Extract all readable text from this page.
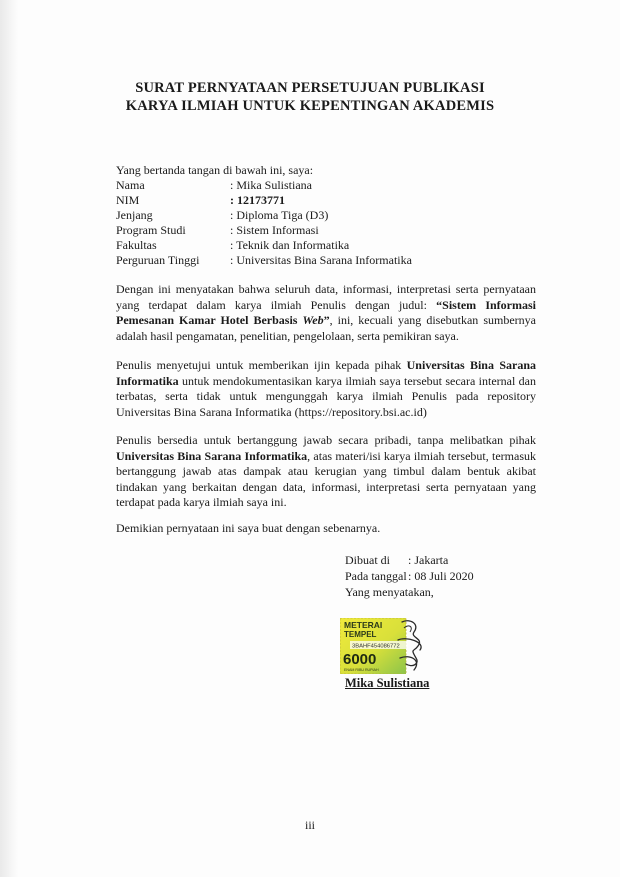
SURAT PERNYATAAN PERSETUJUAN PUBLIKASI
KARYA ILMIAH UNTUK KEPENTINGAN AKADEMIS
Yang bertanda tangan di bawah ini, saya:
Nama	: Mika Sulistiana
NIM	: 12173771
Jenjang	: Diploma Tiga (D3)
Program Studi	: Sistem Informasi
Fakultas	: Teknik dan Informatika
Perguruan Tinggi	: Universitas Bina Sarana Informatika
Dengan ini menyatakan bahwa seluruh data, informasi, interpretasi serta pernyataan yang terdapat dalam karya ilmiah Penulis dengan judul: “Sistem Informasi Pemesanan Kamar Hotel Berbasis Web”, ini, kecuali yang disebutkan sumbernya adalah hasil pengamatan, penelitian, pengelolaan, serta pemikiran saya.
Penulis menyetujui untuk memberikan ijin kepada pihak Universitas Bina Sarana Informatika untuk mendokumentasikan karya ilmiah saya tersebut secara internal dan terbatas, serta tidak untuk mengunggah karya ilmiah Penulis pada repository Universitas Bina Sarana Informatika (https://repository.bsi.ac.id)
Penulis bersedia untuk bertanggung jawab secara pribadi, tanpa melibatkan pihak Universitas Bina Sarana Informatika, atas materi/isi karya ilmiah tersebut, termasuk bertanggung jawab atas dampak atau kerugian yang timbul dalam bentuk akibat tindakan yang berkaitan dengan data, informasi, interpretasi serta pernyataan yang terdapat pada karya ilmiah saya ini.
Demikian pernyataan ini saya buat dengan sebenarnya.
Dibuat di : Jakarta
Pada tanggal : 08 Juli 2020
Yang menyatakan,
METERAI
TEMPEL
3BAHF454086772
6000
ENAM RIBU RUPIAH
Mika Sulistiana
iii
